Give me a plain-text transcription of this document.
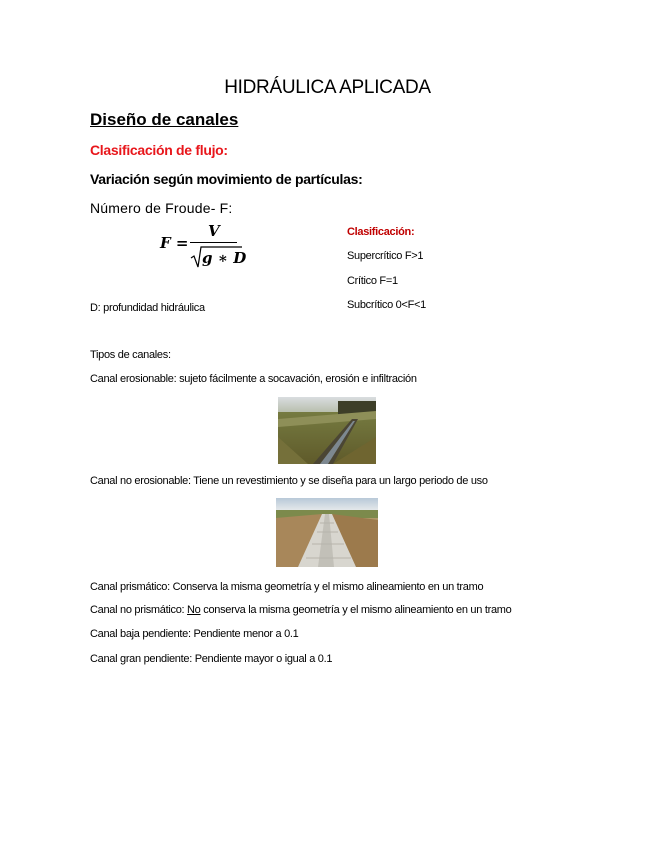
HIDRÁULICA APLICADA
Diseño de canales
Clasificación de flujo:
Variación según movimiento de partículas:
Número de Froude- F:
F =
V
g ∗ D
Clasificación:
Supercrítico F>1
Crítico F=1
Subcrítico 0<F<1
D: profundidad hidráulica
Tipos de canales:
Canal erosionable: sujeto fácilmente a socavación, erosión e infiltración
Canal no erosionable: Tiene un revestimiento y se diseña para un largo periodo de uso
Canal prismático: Conserva la misma geometría y el mismo alineamiento en un tramo
Canal no prismático: No conserva la misma geometría y el mismo alineamiento en un tramo
Canal baja pendiente: Pendiente menor a 0.1
Canal gran pendiente: Pendiente mayor o igual a 0.1
